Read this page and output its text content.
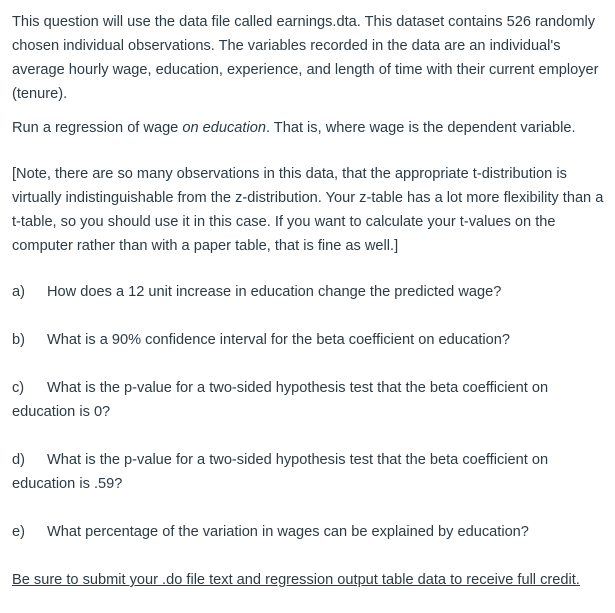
This question will use the data file called earnings.dta. This dataset contains 526 randomly chosen individual observations. The variables recorded in the data are an individual's average hourly wage, education, experience, and length of time with their current employer (tenure).

Run a regression of wage on education. That is, where wage is the dependent variable.

[Note, there are so many observations in this data, that the appropriate t-distribution is virtually indistinguishable from the z-distribution. Your z-table has a lot more flexibility than a t-table, so you should use it in this case. If you want to calculate your t-values on the computer rather than with a paper table, that is fine as well.]

a) How does a 12 unit increase in education change the predicted wage?

b) What is a 90% confidence interval for the beta coefficient on education?

c) What is the p-value for a two-sided hypothesis test that the beta coefficient on education is 0?

d) What is the p-value for a two-sided hypothesis test that the beta coefficient on education is .59?

e) What percentage of the variation in wages can be explained by education?

Be sure to submit your .do file text and regression output table data to receive full credit.
